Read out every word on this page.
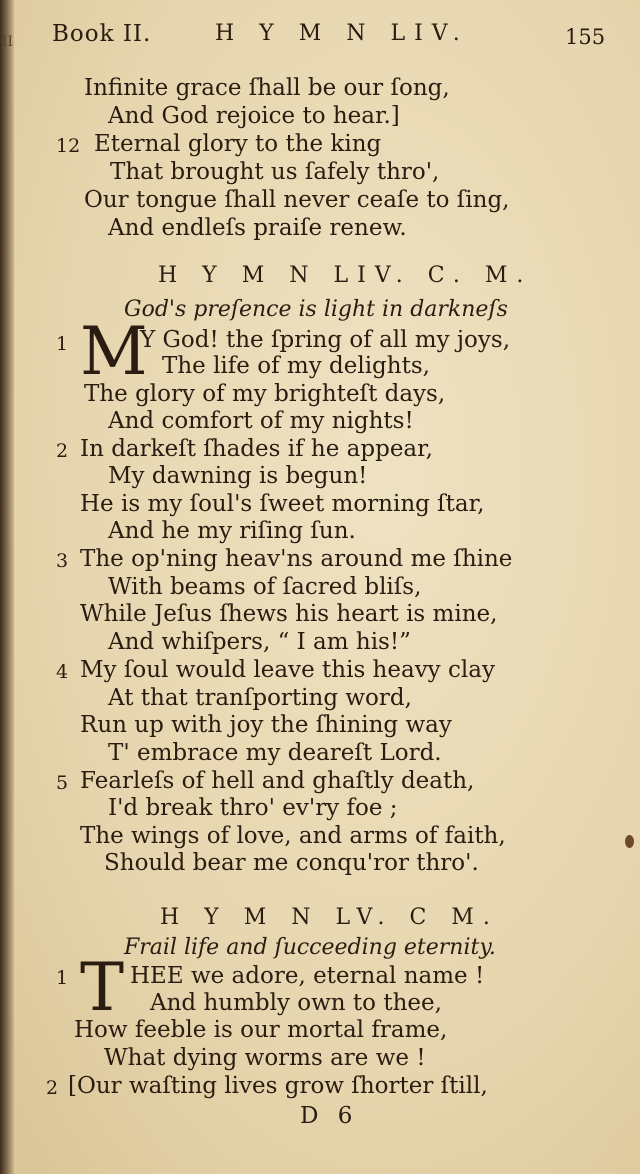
II Book II.	H Y M N LIV.	155
Infinite grace ſhall be our ſong,
And God rejoice to hear.]
12 Eternal glory to the king
That brought us ſafely thro',
Our tongue ſhall never ceaſe to ſing,
And endleſs praiſe renew.
H Y M N LIV. C. M.
God's preſence is light in darkneſs
1 M
Y God! the ſpring of all my joys,
The life of my delights,
The glory of my brighteſt days,
And comfort of my nights!
2 In darkeſt ſhades if he appear,
My dawning is begun!
He is my ſoul's ſweet morning ſtar,
And he my riſing ſun.
3 The op'ning heav'ns around me ſhine
With beams of ſacred bliſs,
While Jeſus ſhews his heart is mine,
And whiſpers, “ I am his!”
4 My ſoul would leave this heavy clay
At that tranſporting word,
Run up with joy the ſhining way
T' embrace my deareſt Lord.
5 Fearleſs of hell and ghaſtly death,
I'd break thro' ev'ry foe ;
The wings of love, and arms of faith,
Should bear me conqu'ror thro'.
H Y M N LV. C M.
Frail life and ſucceeding eternity.
1 T HEE we adore, eternal name !
And humbly own to thee,
How feeble is our mortal frame,
What dying worms are we !
2 [Our waſting lives grow ſhorter ſtill,
D 6
